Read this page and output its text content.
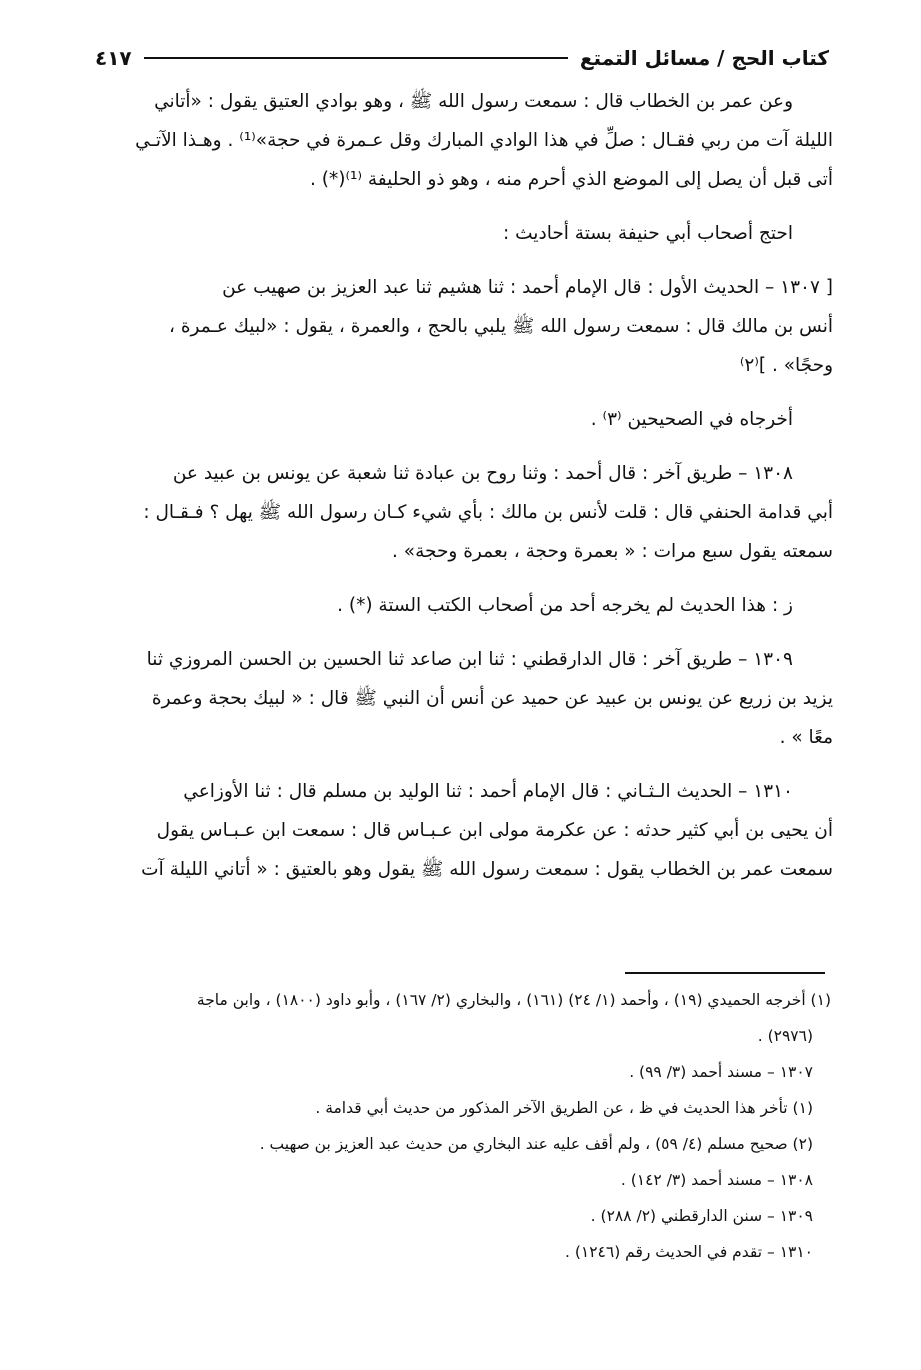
كتاب الحج / مسائل التمتع
٤١٧

وعن عمر بن الخطاب قال : سمعت رسول الله ﷺ ، وهو بوادي العتيق يقول : «أتاني

الليلة آت من ربي فقـال : صلِّ في هذا الوادي المبارك وقل عـمرة في حجة»⁽¹⁾ . وهـذا الآتـي

أتى قبل أن يصل إلى الموضع الذي أحرم منه ، وهو ذو الحليفة ⁽¹⁾(*) .

احتج أصحاب أبي حنيفة بستة أحاديث :

[ ١٣٠٧ – الحديث الأول : قال الإمام أحمد : ثنا هشيم ثنا عبد العزيز بن صهيب عن

أنس بن مالك قال : سمعت رسول الله ﷺ يلبي بالحج ، والعمرة ، يقول : «لبيك عـمرة ،

وحجًا» . ]⁽٢⁾

أخرجاه في الصحيحين ⁽٣⁾ .

١٣٠٨ – طريق آخر : قال أحمد : وثنا روح بن عبادة ثنا شعبة عن يونس بن عبيد عن

أبي قدامة الحنفي قال : قلت لأنس بن مالك : بأي شيء كـان رسول الله ﷺ يهل ؟ فـقـال :

سمعته يقول سبع مرات : « بعمرة وحجة ، بعمرة وحجة» .

ز : هذا الحديث لم يخرجه أحد من أصحاب الكتب الستة (*) .

١٣٠٩ – طريق آخر : قال الدارقطني : ثنا ابن صاعد ثنا الحسين بن الحسن المروزي ثنا

يزيد بن زريع عن يونس بن عبيد عن حميد عن أنس أن النبي ﷺ قال : « لبيك بحجة وعمرة

معًا » .

١٣١٠ – الحديث الـثـاني : قال الإمام أحمد : ثنا الوليد بن مسلم قال : ثنا الأوزاعي

أن يحيى بن أبي كثير حدثه : عن عكرمة مولى ابن عـبـاس قال : سمعت ابن عـبـاس يقول

سمعت عمر بن الخطاب يقول : سمعت رسول الله ﷺ يقول وهو بالعتيق : « أتاني الليلة آت

(١) أخرجه الحميدي (١٩) ، وأحمد (١/ ٢٤) (١٦١) ، والبخاري (٢/ ١٦٧) ، وأبو داود (١٨٠٠) ، وابن ماجة

(٢٩٧٦) .

١٣٠٧ – مسند أحمد (٣/ ٩٩) .

(١) تأخر هذا الحديث في ظ ، عن الطريق الآخر المذكور من حديث أبي قدامة .

(٢) صحيح مسلم (٤/ ٥٩) ، ولم أقف عليه عند البخاري من حديث عبد العزيز بن صهيب .

١٣٠٨ – مسند أحمد (٣/ ١٤٢) .

١٣٠٩ – سنن الدارقطني (٢/ ٢٨٨) .

١٣١٠ – تقدم في الحديث رقم (١٢٤٦) .
